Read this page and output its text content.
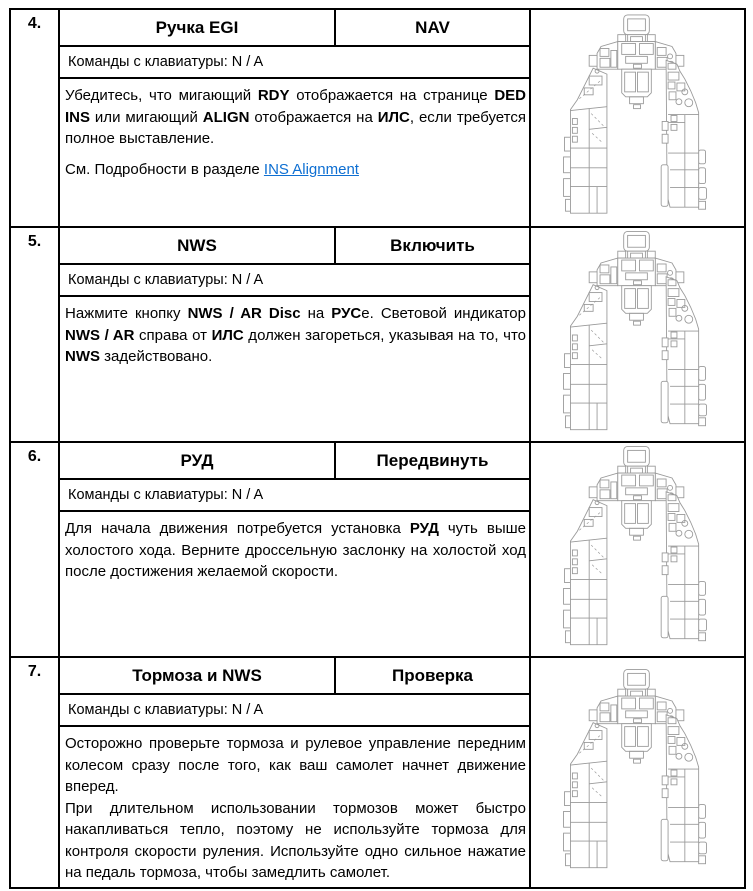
4.	Ручка EGI	NAV
Команды с клавиатуры: N / A
Убедитесь, что мигающий RDY отображается на странице DED INS или мигающий ALIGN отображается на ИЛС, если требуется полное выставление.
См. Подробности в разделе INS Alignment
5.	NWS	Включить
Команды с клавиатуры: N / A
Нажмите кнопку NWS / AR Disc на РУСе. Световой индикатор NWS / AR справа от ИЛС должен загореться, указывая на то, что NWS задействовано.
6.	РУД	Передвинуть
Команды с клавиатуры: N / A
Для начала движения потребуется установка РУД чуть выше холостого хода. Верните дроссельную заслонку на холостой ход после достижения желаемой скорости.
7.	Тормоза и NWS	Проверка
Команды с клавиатуры: N / A
Осторожно проверьте тормоза и рулевое управление передним колесом сразу после того, как ваш самолет начнет движение вперед.
При длительном использовании тормозов может быстро накапливаться тепло, поэтому не используйте тормоза для контроля скорости руления. Используйте одно сильное нажатие на педаль тормоза, чтобы замедлить самолет.
